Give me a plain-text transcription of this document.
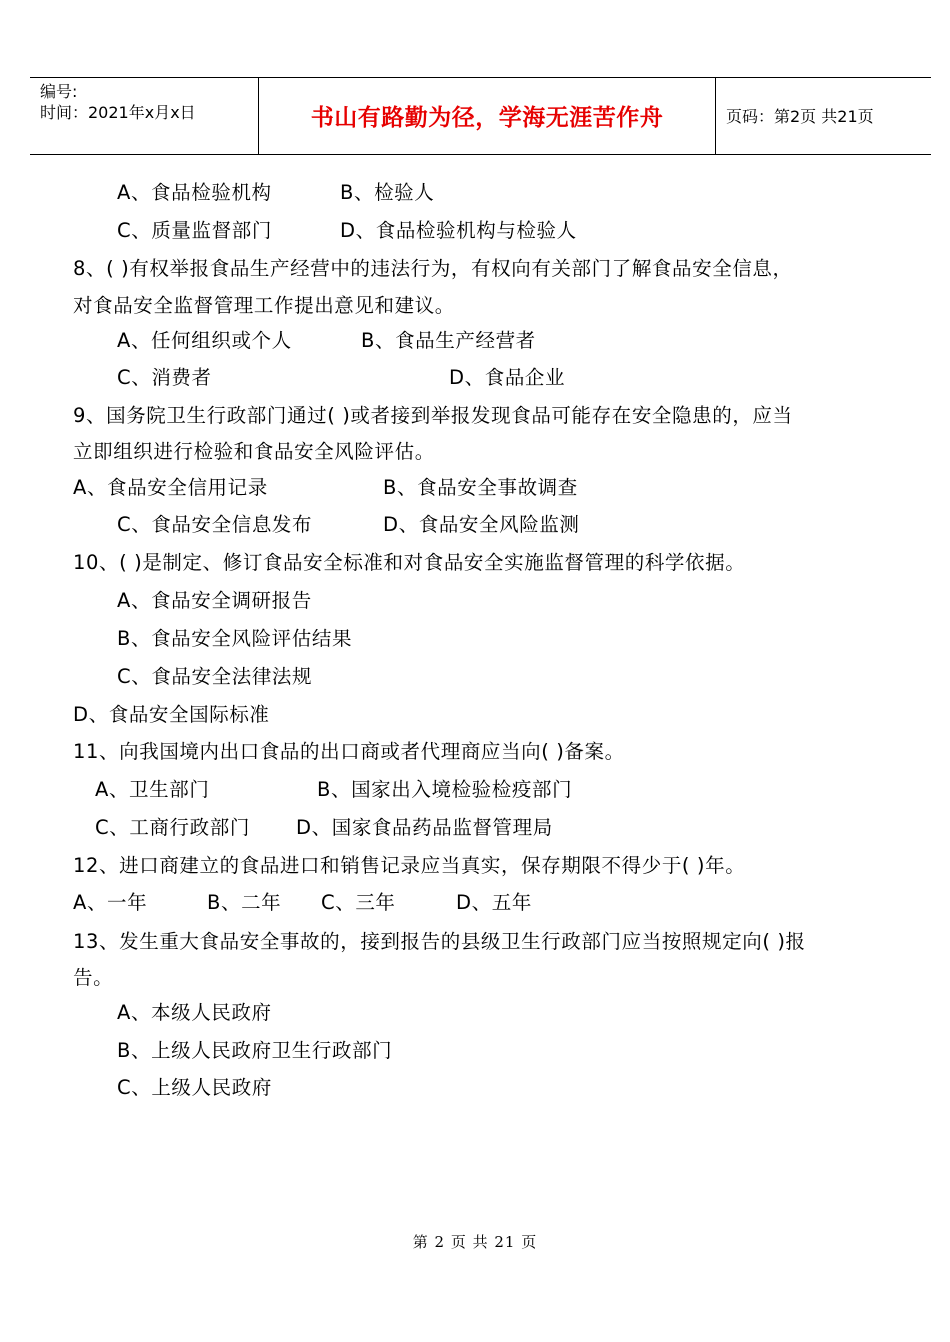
编号:
时间：2021年x月x日	书山有路勤为径，学海无涯苦作舟	页码：第2页 共21页
A、食品检验机构	B、检验人
C、质量监督部门	D、食品检验机构与检验人
8、( )有权举报食品生产经营中的违法行为，有权向有关部门了解食品安全信息，
对食品安全监督管理工作提出意见和建议。
A、任何组织或个人	B、食品生产经营者
C、消费者	D、食品企业
9、国务院卫生行政部门通过( )或者接到举报发现食品可能存在安全隐患的，应当
立即组织进行检验和食品安全风险评估。
A、食品安全信用记录	B、食品安全事故调查
C、食品安全信息发布	D、食品安全风险监测
10、( )是制定、修订食品安全标准和对食品安全实施监督管理的科学依据。
A、食品安全调研报告
B、食品安全风险评估结果
C、食品安全法律法规
D、食品安全国际标准
11、向我国境内出口食品的出口商或者代理商应当向( )备案。
A、卫生部门	B、国家出入境检验检疫部门
C、工商行政部门 D、国家食品药品监督管理局
12、进口商建立的食品进口和销售记录应当真实，保存期限不得少于( )年。
A、一年	B、二年 C、三年	D、五年
13、发生重大食品安全事故的，接到报告的县级卫生行政部门应当按照规定向( )报
告。
A、本级人民政府
B、上级人民政府卫生行政部门
C、上级人民政府
第 2 页 共 21 页
